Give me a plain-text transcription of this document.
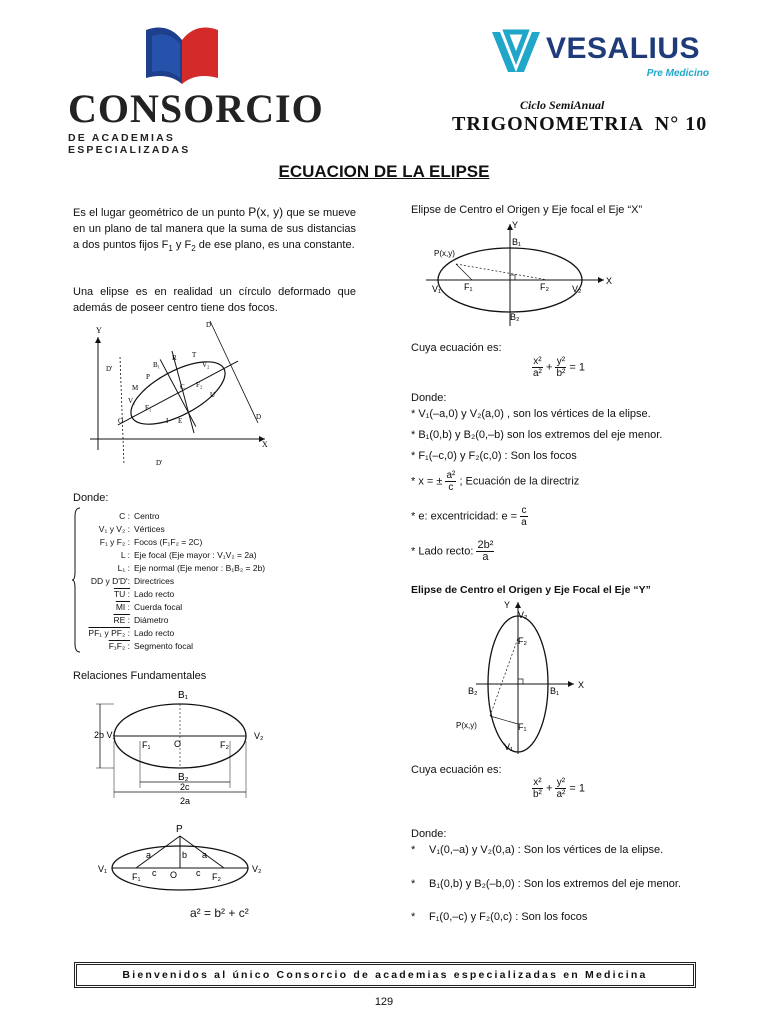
CONSORCIO
DE ACADEMIAS ESPECIALIZADAS
VESALIUS
Pre Medicino
Ciclo SemiAnual
TRIGONOMETRIA  N° 10
ECUACION DE LA ELIPSE
Es el lugar geométrico de un punto P(x, y) que se mueve en un plano de tal manera que la suma de sus distancias a dos puntos fijos $F_1$ y $F_2$ de ese plano, es una constante.
Una elipse es en realidad un círculo deformado que además de poseer centro tiene dos focos.
Y
X
D'
D
D
D'
B₁
R T
P
M
V₁
F₁
C F₂
V₂
U
I E
O
Donde:
C : Centro
V₁ y V₂ : Vértices
F₁ y F₂ : Focos (F₁F₂ = 2C)
L : Eje focal (Eje mayor : V₁V₂ = 2a)
L₁ : Eje normal (Eje menor : B₁B₂ = 2b)
DD y D'D': Directrices
TU : Lado recto
MI : Cuerda focal
RE : Diámetro
PF₁ y PF₂ : Lado recto
F₁F₂ : Segmento focal
Relaciones Fundamentales
B₁
B₂
2b V₁	V₂
F₁	O	F₂
2c
2a
P
V₁	V₂
a	a
b
F₁ c O c F₂
a² = b² + c²
Elipse de Centro el Origen y Eje focal el Eje “X”
Y
X
B₁
B₂
P(x,y)
V₁	F₁	F₂	V₂
Cuya ecuación es:
$\frac{\text{x²}}{\text{a²}} + \frac{\text{y²}}{\text{b²}} = 1$
Donde:
* V₁(–a,0) y V₂(a,0) , son los vértices de la elipse.
* B₁(0,b) y B₂(0,–b) son los extremos del eje menor.
* F₁(–c,0) y F₂(c,0) : Son los focos
* x = ± $\frac{\text{a²}}{c}$ ; Ecuación de la directriz
* e: excentricidad: $e = \frac{c}{a}$
* Lado recto: $\frac{\text{2b²}}{a}$
Elipse de Centro el Origen y Eje Focal el Eje “Y”
Y
X
V₂
F₂
B₂	B₁
P(x,y)	F₁
V₁
Cuya ecuación es:
$\frac{\text{x²}}{\text{b²}} + \frac{\text{y²}}{\text{a²}} = 1$
Donde:
*	V₁(0,–a) y V₂(0,a) : Son los vértices de la elipse.
*	B₁(0,b) y B₂(–b,0) : Son los extremos del eje menor.
*	F₁(0,–c) y F₂(0,c) : Son los focos
Bienvenidos al único Consorcio de academias especializadas en Medicina
129
